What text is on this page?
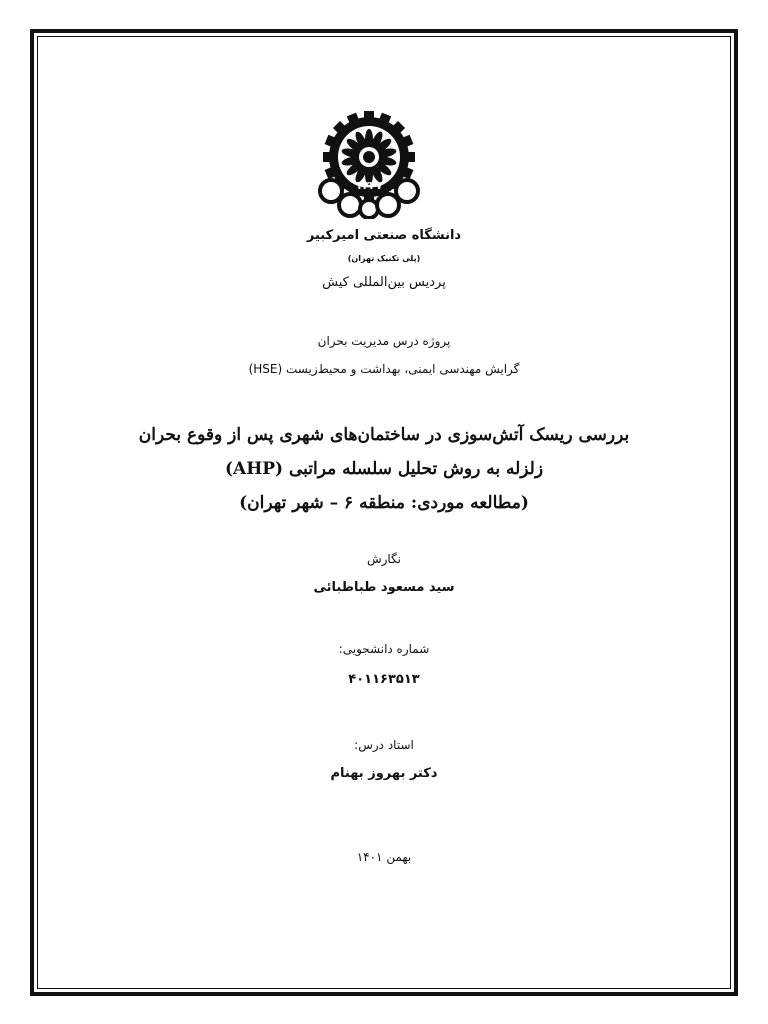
۱۳۴۷
دانشگاه صنعتی امیرکبیر
(پلی تکنیک تهران)
پردیس بین‌المللی کیش
پروژه درس مدیریت بحران
گرایش مهندسی ایمنی، بهداشت و محیط‌زیست (HSE)
بررسی ریسک آتش‌سوزی در ساختمان‌های شهری پس از وقوع بحران
زلزله به روش تحلیل سلسله مراتبی (AHP)
(مطالعه موردی: منطقه ۶ – شهر تهران)
نگارش
سید مسعود طباطبائی
شماره دانشجویی:
۴۰۱۱۶۳۵۱۳
استاد درس:
دکتر بهروز بهنام
بهمن ۱۴۰۱
